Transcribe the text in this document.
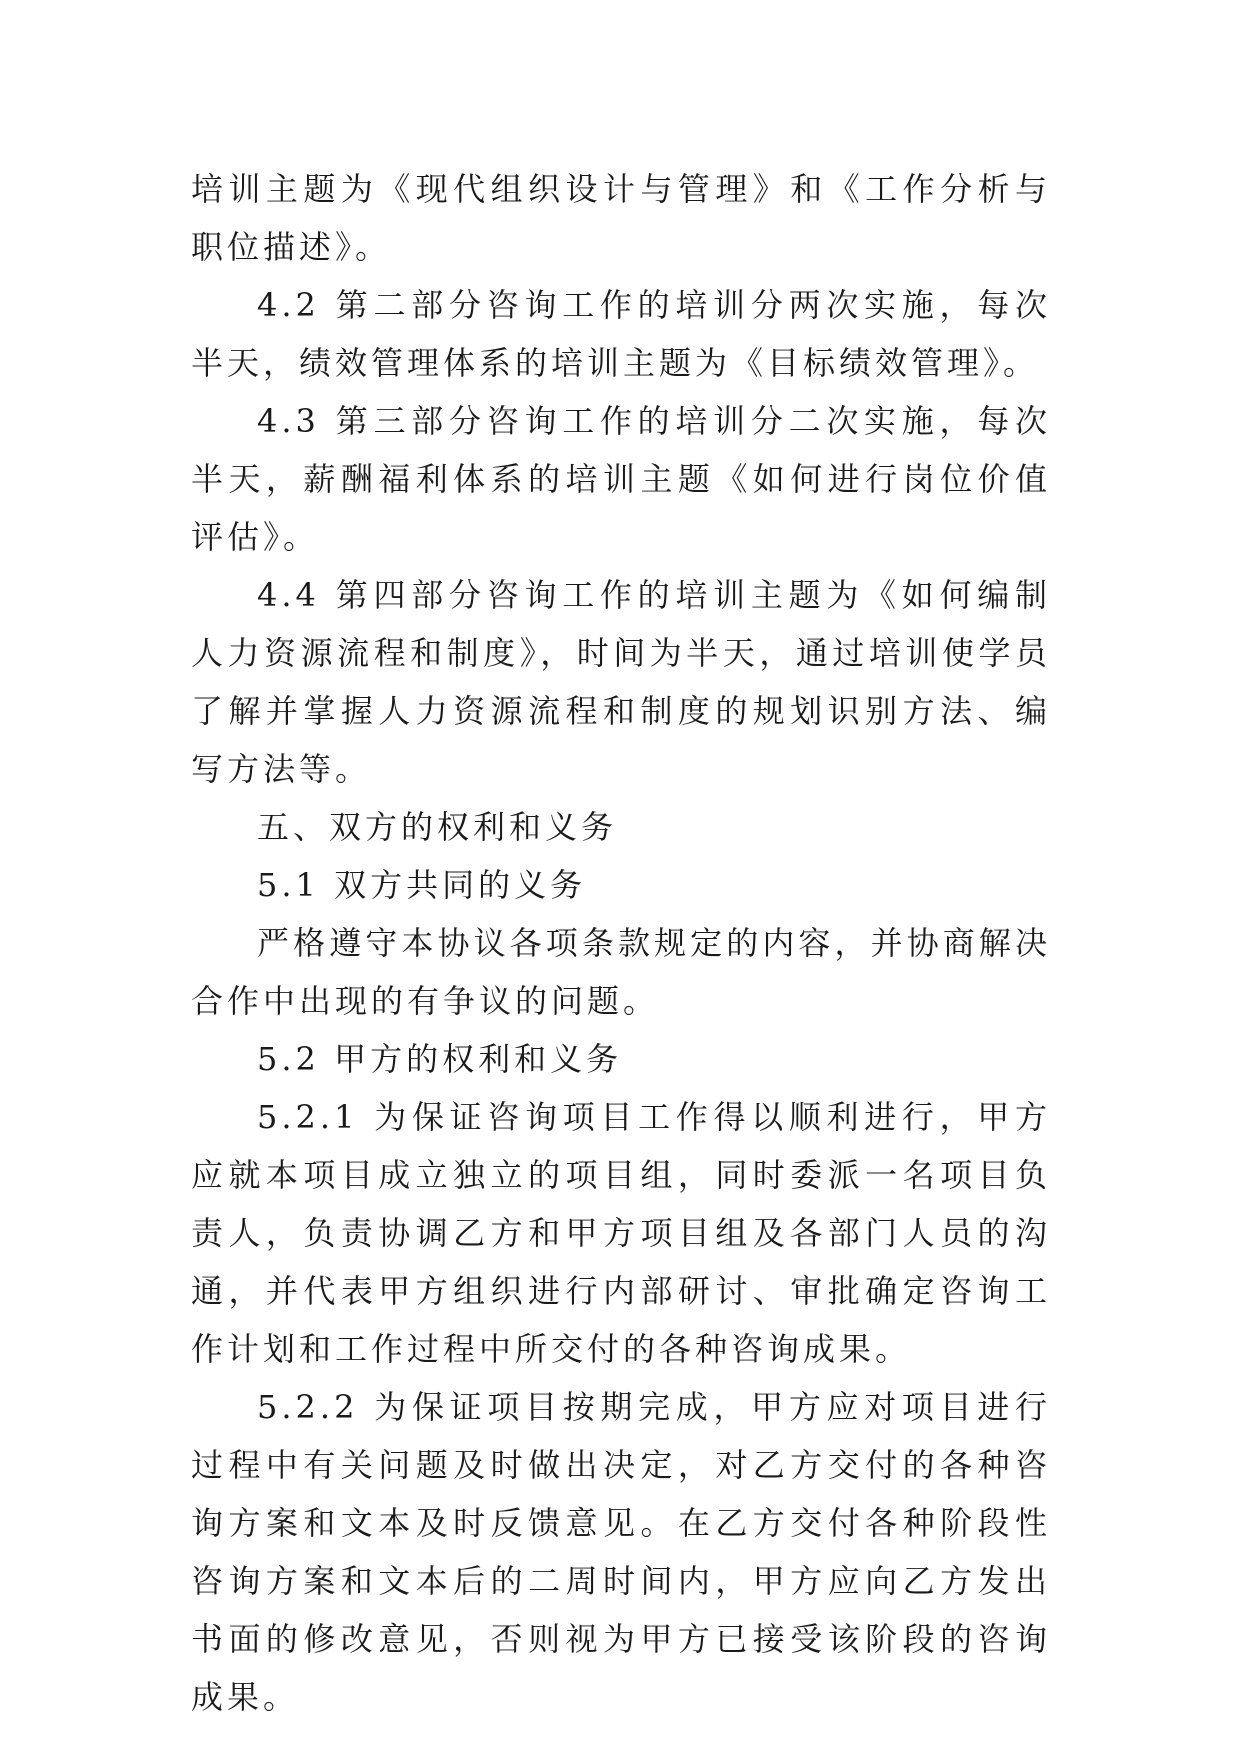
培训主题为《现代组织设计与管理》和《工作分析与职位描述》。

4.2 第二部分咨询工作的培训分两次实施，每次半天，绩效管理体系的培训主题为《目标绩效管理》。

4.3 第三部分咨询工作的培训分二次实施，每次半天，薪酬福利体系的培训主题《如何进行岗位价值评估》。

4.4 第四部分咨询工作的培训主题为《如何编制人力资源流程和制度》，时间为半天，通过培训使学员了解并掌握人力资源流程和制度的规划识别方法、编写方法等。

五、双方的权利和义务

5.1 双方共同的义务

严格遵守本协议各项条款规定的内容，并协商解决合作中出现的有争议的问题。

5.2 甲方的权利和义务

5.2.1 为保证咨询项目工作得以顺利进行，甲方应就本项目成立独立的项目组，同时委派一名项目负责人，负责协调乙方和甲方项目组及各部门人员的沟通，并代表甲方组织进行内部研讨、审批确定咨询工作计划和工作过程中所交付的各种咨询成果。

5.2.2 为保证项目按期完成，甲方应对项目进行过程中有关问题及时做出决定，对乙方交付的各种咨询方案和文本及时反馈意见。在乙方交付各种阶段性咨询方案和文本后的二周时间内，甲方应向乙方发出书面的修改意见，否则视为甲方已接受该阶段的咨询成果。
